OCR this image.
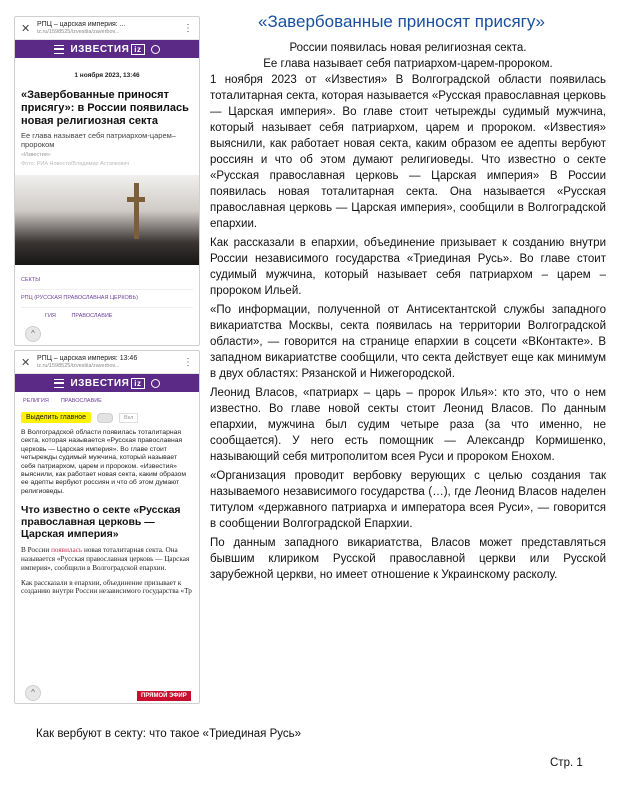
✕ РПЦ – царская империя: ...
iz.ru/1598525/izvestiia/zaverbov...	⋮
ИЗВЕСТИЯ iz
1 ноября 2023, 13:46
«Завербованные приносят присягу»: в России появилась новая религиозная секта
Ее глава называет себя патриархом-царем–пророком
«Известия»
Фото: РИА Новости/Владимир Астапкович
СЕКТЫ
РПЦ (РУССКАЯ ПРАВОСЛАВНАЯ ЦЕРКОВЬ)
ГИЯ	ПРАВОСЛАВИЕ
^
✕ РПЦ – царская империя: 13:46
iz.ru/1598525/izvestiia/zaverbov...	⋮
ИЗВЕСТИЯ iz
РЕЛИГИЯ ПРАВОСЛАВИЕ
Выделить главное	Вкл
В Волгоградской области появилась тоталитарная секта, которая называется «Русская православная церковь — Царская империя». Во главе стоит четырежды судимый мужчина, который называет себя патриархом, царем и пророком. «Известия» выяснили, как работает новая секта, каким образом ее адепты вербуют россиян и что об этом думают религиоведы.
Что известно о секте «Русская православная церковь — Царская империя»
В России появилась новая тоталитарная секта. Она называется «Русская православная церковь — Царская империя», сообщили в Волгоградской епархии.
Как рассказали в епархии, объединение призывает к созданию внутри России независимого государства «Тр
^	ПРЯМОЙ ЭФИР
«Завербованные приносят присягу»

России появилась новая религиозная секта.

Ее глава называет себя патриархом-царем-пророком.

1 ноября 2023 от «Известия» В Волгоградской области появилась тоталитарная секта, которая называется «Русская православная церковь — Царская империя». Во главе стоит четырежды судимый мужчина, который называет себя патриархом, царем и пророком. «Известия» выяснили, как работает новая секта, каким образом ее адепты вербуют россиян и что об этом думают религиоведы. Что известно о секте «Русская православная церковь — Царская империя» В России появилась новая тоталитарная секта. Она называется «Русская православная церковь — Царская империя», сообщили в Волгоградской епархии.

Как рассказали в епархии, объединение призывает к созданию внутри России независимого государства «Триединая Русь». Во главе стоит судимый мужчина, который называет себя патриархом – царем –пророком Ильей.

«По информации, полученной от Антисектантской службы западного викариатства Москвы, секта появилась на территории Волгоградской области», — говорится на странице епархии в соцсети «ВКонтакте». В западном викариатстве сообщили, что секта действует еще как минимум в двух областях: Рязанской и Нижегородской.

Леонид Власов, «патриарх – царь – пророк Илья»: кто это, что о нем известно. Во главе новой секты стоит Леонид Власов. По данным епархии, мужчина был судим четыре раза (за что именно, не сообщается). У него есть помощник — Александр Кормишенко, называющий себя митрополитом всея Руси и пророком Енохом.

«Организация проводит вербовку верующих с целью создания так называемого независимого государства (…), где Леонид Власов наделен титулом «державного патриарха и императора всея Руси», — говорится в сообщении Волгоградской Епархии.

По данным западного викариатства, Власов может представляться бывшим клириком Русской православной церкви или Русской зарубежной церкви, но имеет отношение к Украинскому расколу.

Как вербуют в секту: что такое «Триединая Русь»
Стр. 1
